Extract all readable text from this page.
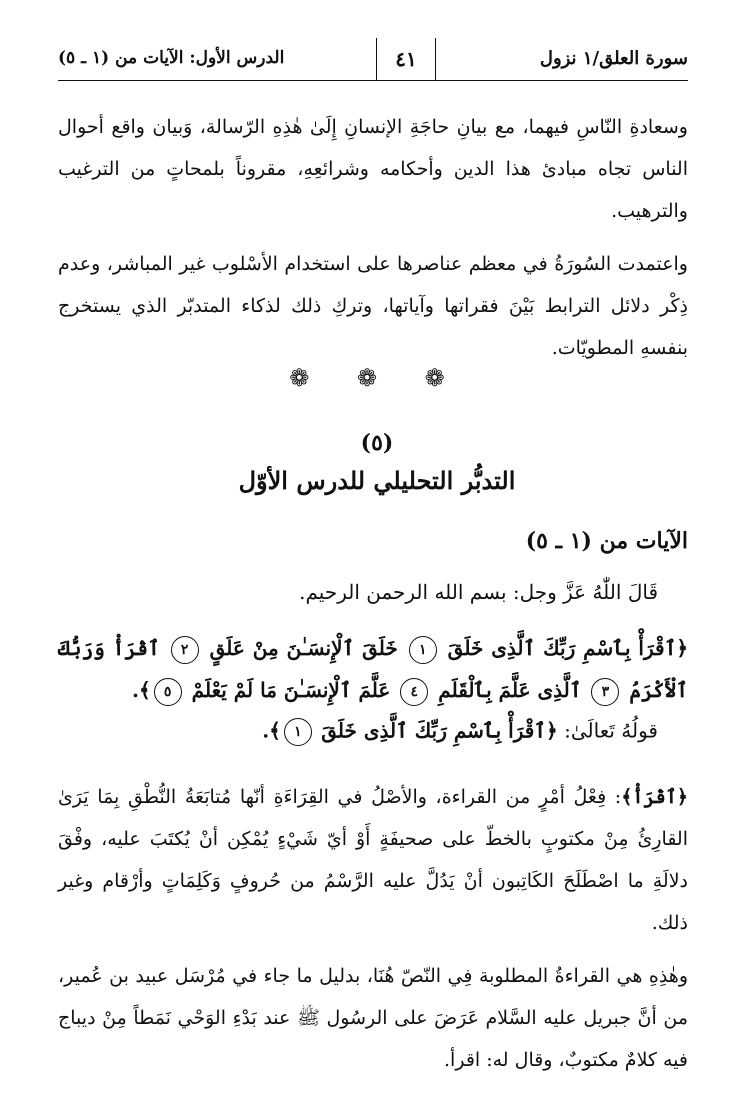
سورة العلق/١ نزول
٤١
الدرس الأول: الآيات من (١ ـ ٥)
وسعادةِ النّاسِ فيهما، مع بيانِ حاجَةِ الإنسانِ إِلَىٰ هٰذِهِ الرّسالة، وَبيان واقع أحوال الناس تجاه مبادئ هذا الدين وأحكامه وشرائعِهِ، مقروناً بلمحاتٍ من الترغيب والترهيب.
واعتمدت السُورَةُ في معظم عناصرها على استخدام الأسْلوب غير المباشر، وعدم ذِكْر دلائل الترابط بَيْنَ فقراتها وآياتها، وتركِ ذلك لذكاء المتدبّر الذي يستخرج بنفسهِ المطويّات.
❁ ❁ ❁
(٥)
التدبُّر التحليلي للدرس الأوّل
الآيات من (١ ـ ٥)
قَالَ اللّٰهُ عَزَّ وجل: بسم الله الرحمن الرحيم.
﴿ٱقْرَأْ بِٱسْمِ رَبِّكَ ٱلَّذِى خَلَقَ ١ خَلَقَ ٱلْإِنسَـٰنَ مِنْ عَلَقٍ ٢ ٱقْرَأْ وَرَبُّكَ ٱلْأَكْرَمُ ٣ ٱلَّذِى عَلَّمَ بِٱلْقَلَمِ ٤ عَلَّمَ ٱلْإِنسَـٰنَ مَا لَمْ يَعْلَمْ ٥﴾.
قولُهُ تَعالَىٰ: ﴿ٱقْرَأْ بِٱسْمِ رَبِّكَ ٱلَّذِى خَلَقَ ١﴾.
﴿ٱقْرَأْ﴾: فِعْلُ أمْرٍ من القراءة، والأصْلُ في القِرَاءَةِ أنّها مُتابَعَةُ النُّطْقِ بِمَا يَرَىٰ القارِئُ مِنْ مكتوبٍ بالخطّ على صحيفَةٍ أَوْ أيّ شَيْءٍ يُمْكِن أنْ يُكتَبَ عليه، وفْقَ دلالَةِ ما اصْطَلَحَ الكَاتِبون أنْ يَدُلَّ عليه الرَّسْمُ من حُروفٍ وَكَلِمَاتٍ وأرْقام وغير ذلك.
وهٰذِهِ هي القراءةُ المطلوبة فِي النّصّ هُنَا، بدليل ما جاء في مُرْسَل عبيد بن عُمير، من أنَّ جبريل عليه السَّلام عَرَضَ على الرسُول ﷺ عند بَدْءِ الوَحْي نَمَطاً مِنْ ديباج فيه كلامٌ مكتوبٌ، وقال له: اقرأ.
